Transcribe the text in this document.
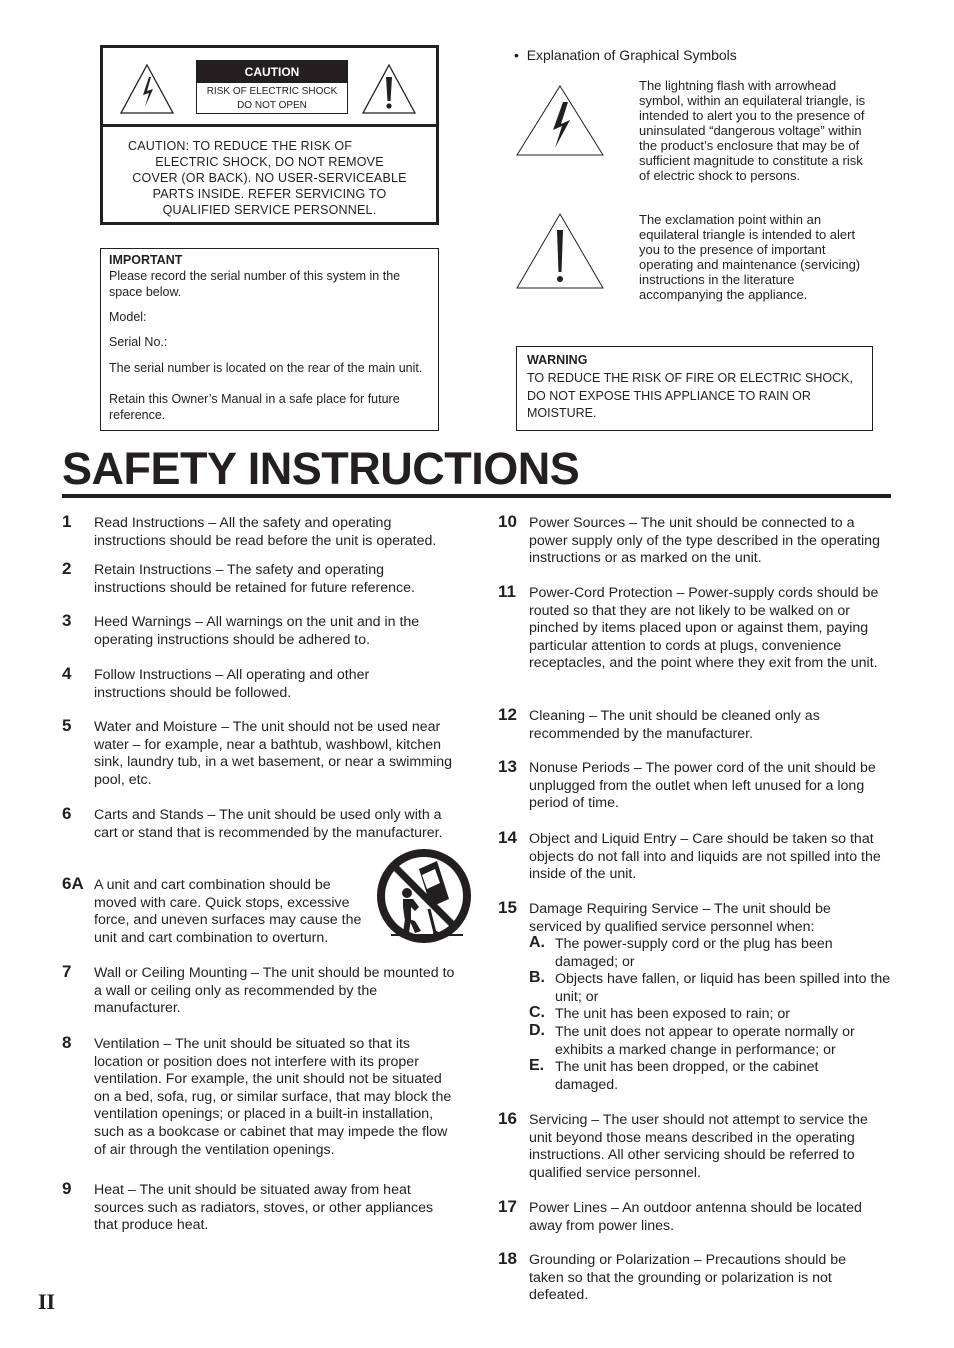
CAUTION
RISK OF ELECTRIC SHOCK
DO NOT OPEN
CAUTION: TO REDUCE THE RISK OF
ELECTRIC SHOCK, DO NOT REMOVE
COVER (OR BACK). NO USER-SERVICEABLE
PARTS INSIDE. REFER SERVICING TO
QUALIFIED SERVICE PERSONNEL.
IMPORTANT
Please record the serial number of this system in the space below.
Model:
Serial No.:
The serial number is located on the rear of the main unit.
Retain this Owner’s Manual in a safe place for future reference.
•  Explanation of Graphical Symbols
The lightning flash with arrowhead symbol, within an equilateral triangle, is intended to alert you to the presence of uninsulated “dangerous voltage” within the product’s enclosure that may be of sufficient magnitude to constitute a risk of electric shock to persons.
The exclamation point within an equilateral triangle is intended to alert you to the presence of important operating and maintenance (servicing) instructions in the literature accompanying the appliance.
WARNING
TO REDUCE THE RISK OF FIRE OR ELECTRIC SHOCK, DO NOT EXPOSE THIS APPLIANCE TO RAIN OR MOISTURE.
SAFETY INSTRUCTIONS
1 Read Instructions – All the safety and operating instructions should be read before the unit is operated.
2 Retain Instructions – The safety and operating instructions should be retained for future reference.
3 Heed Warnings – All warnings on the unit and in the operating instructions should be adhered to.
4 Follow Instructions – All operating and other instructions should be followed.
5 Water and Moisture – The unit should not be used near water – for example, near a bathtub, washbowl, kitchen sink, laundry tub, in a wet basement, or near a swimming pool, etc.
6 Carts and Stands – The unit should be used only with a cart or stand that is recommended by the manufacturer.
6A A unit and cart combination should be moved with care. Quick stops, excessive force, and uneven surfaces may cause the unit and cart combination to overturn.
7 Wall or Ceiling Mounting – The unit should be mounted to a wall or ceiling only as recommended by the manufacturer.
8 Ventilation – The unit should be situated so that its location or position does not interfere with its proper ventilation. For example, the unit should not be situated on a bed, sofa, rug, or similar surface, that may block the ventilation openings; or placed in a built-in installation, such as a bookcase or cabinet that may impede the flow of air through the ventilation openings.
9 Heat – The unit should be situated away from heat sources such as radiators, stoves, or other appliances that produce heat.
10 Power Sources – The unit should be connected to a power supply only of the type described in the operating instructions or as marked on the unit.
11 Power-Cord Protection – Power-supply cords should be routed so that they are not likely to be walked on or pinched by items placed upon or against them, paying particular attention to cords at plugs, convenience receptacles, and the point where they exit from the unit.
12 Cleaning – The unit should be cleaned only as recommended by the manufacturer.
13 Nonuse Periods – The power cord of the unit should be unplugged from the outlet when left unused for a long period of time.
14 Object and Liquid Entry – Care should be taken so that objects do not fall into and liquids are not spilled into the inside of the unit.
15 Damage Requiring Service – The unit should be serviced by qualified service personnel when:
A. The power-supply cord or the plug has been damaged; or
B. Objects have fallen, or liquid has been spilled into the unit; or
C. The unit has been exposed to rain; or
D. The unit does not appear to operate normally or exhibits a marked change in performance; or
E. The unit has been dropped, or the cabinet damaged.
16 Servicing – The user should not attempt to service the unit beyond those means described in the operating instructions. All other servicing should be referred to qualified service personnel.
17 Power Lines – An outdoor antenna should be located away from power lines.
18 Grounding or Polarization – Precautions should be taken so that the grounding or polarization is not defeated.
II
